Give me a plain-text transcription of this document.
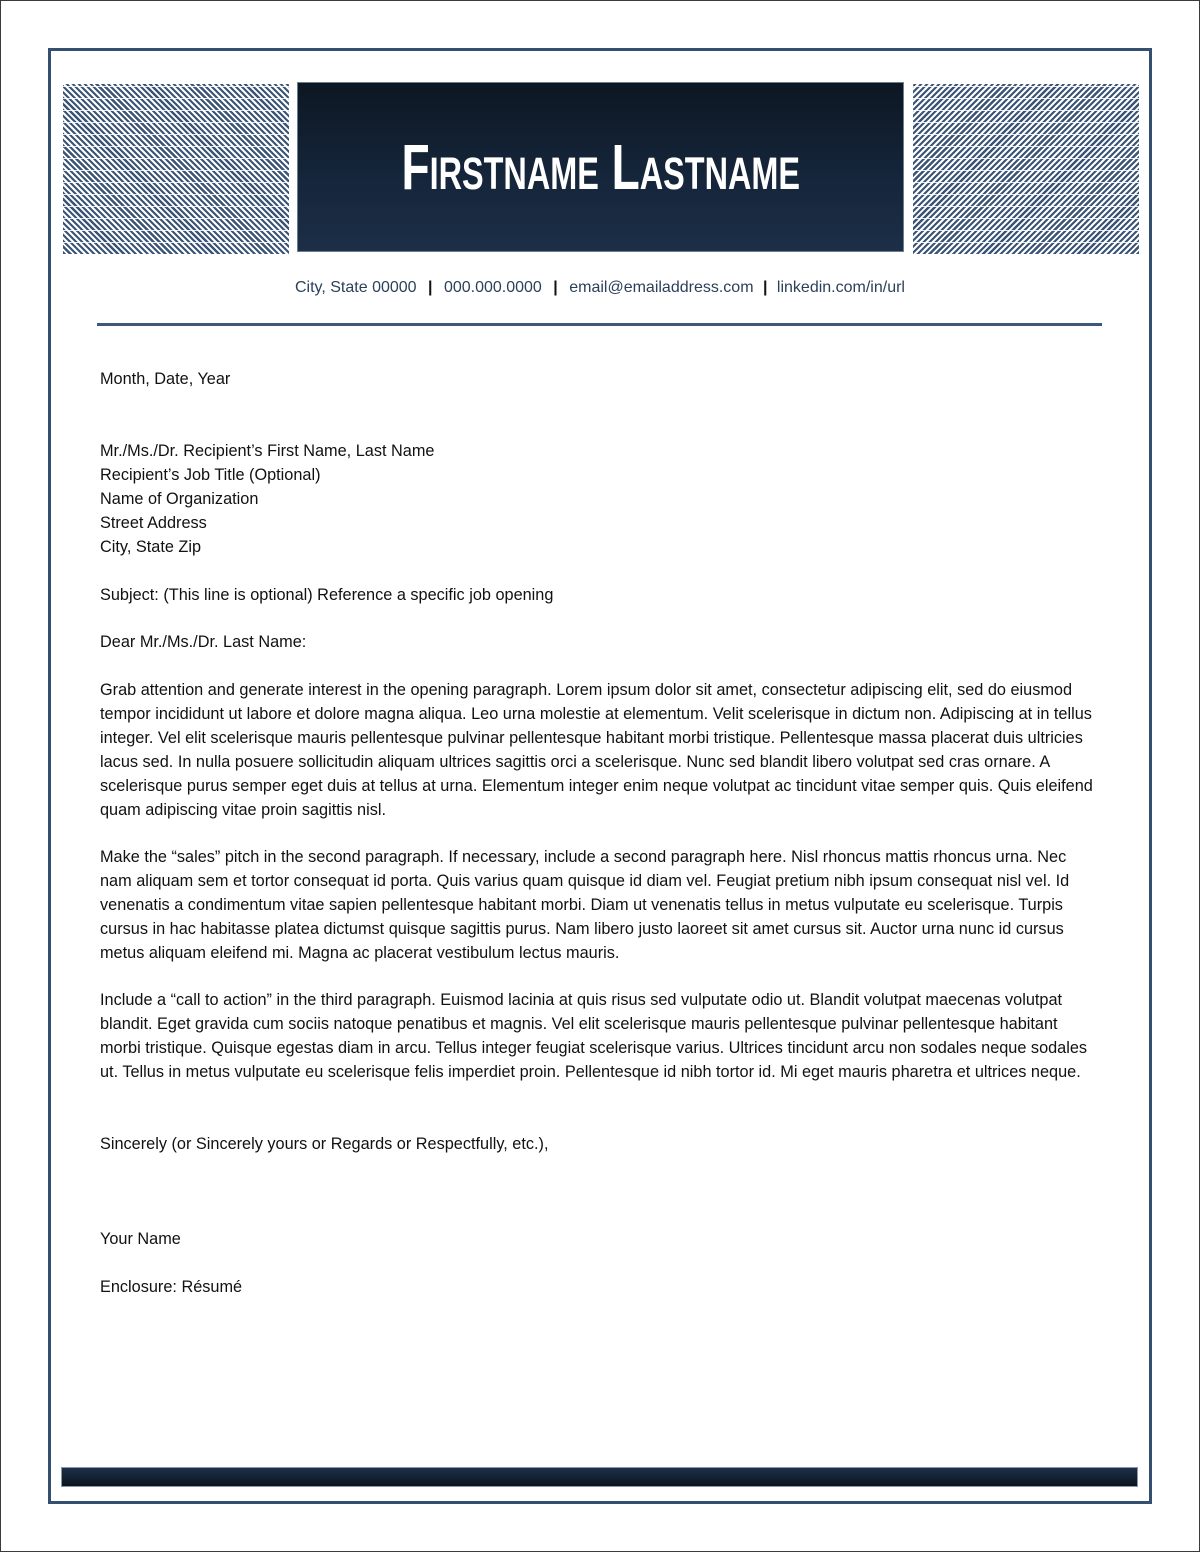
Firstname Lastname
City, State 00000 | 000.000.0000 | email@emailaddress.com | linkedin.com/in/url

Month, Date, Year

Mr./Ms./Dr. Recipient’s First Name, Last Name

Recipient’s Job Title (Optional)

Name of Organization

Street Address

City, State Zip

Subject: (This line is optional) Reference a specific job opening

Dear Mr./Ms./Dr. Last Name:

Grab attention and generate interest in the opening paragraph. Lorem ipsum dolor sit amet, consectetur adipiscing elit, sed do eiusmod tempor incididunt ut labore et dolore magna aliqua. Leo urna molestie at elementum. Velit scelerisque in dictum non. Adipiscing at in tellus integer. Vel elit scelerisque mauris pellentesque pulvinar pellentesque habitant morbi tristique. Pellentesque massa placerat duis ultricies lacus sed. In nulla posuere sollicitudin aliquam ultrices sagittis orci a scelerisque. Nunc sed blandit libero volutpat sed cras ornare. A scelerisque purus semper eget duis at tellus at urna. Elementum integer enim neque volutpat ac tincidunt vitae semper quis. Quis eleifend quam adipiscing vitae proin sagittis nisl.

Make the “sales” pitch in the second paragraph. If necessary, include a second paragraph here. Nisl rhoncus mattis rhoncus urna. Nec nam aliquam sem et tortor consequat id porta. Quis varius quam quisque id diam vel. Feugiat pretium nibh ipsum consequat nisl vel. Id venenatis a condimentum vitae sapien pellentesque habitant morbi. Diam ut venenatis tellus in metus vulputate eu scelerisque. Turpis cursus in hac habitasse platea dictumst quisque sagittis purus. Nam libero justo laoreet sit amet cursus sit. Auctor urna nunc id cursus metus aliquam eleifend mi. Magna ac placerat vestibulum lectus mauris.

Include a “call to action” in the third paragraph. Euismod lacinia at quis risus sed vulputate odio ut. Blandit volutpat maecenas volutpat blandit. Eget gravida cum sociis natoque penatibus et magnis. Vel elit scelerisque mauris pellentesque pulvinar pellentesque habitant morbi tristique. Quisque egestas diam in arcu. Tellus integer feugiat scelerisque varius. Ultrices tincidunt arcu non sodales neque sodales ut. Tellus in metus vulputate eu scelerisque felis imperdiet proin. Pellentesque id nibh tortor id. Mi eget mauris pharetra et ultrices neque.

Sincerely (or Sincerely yours or Regards or Respectfully, etc.),

Your Name

Enclosure: Résumé
